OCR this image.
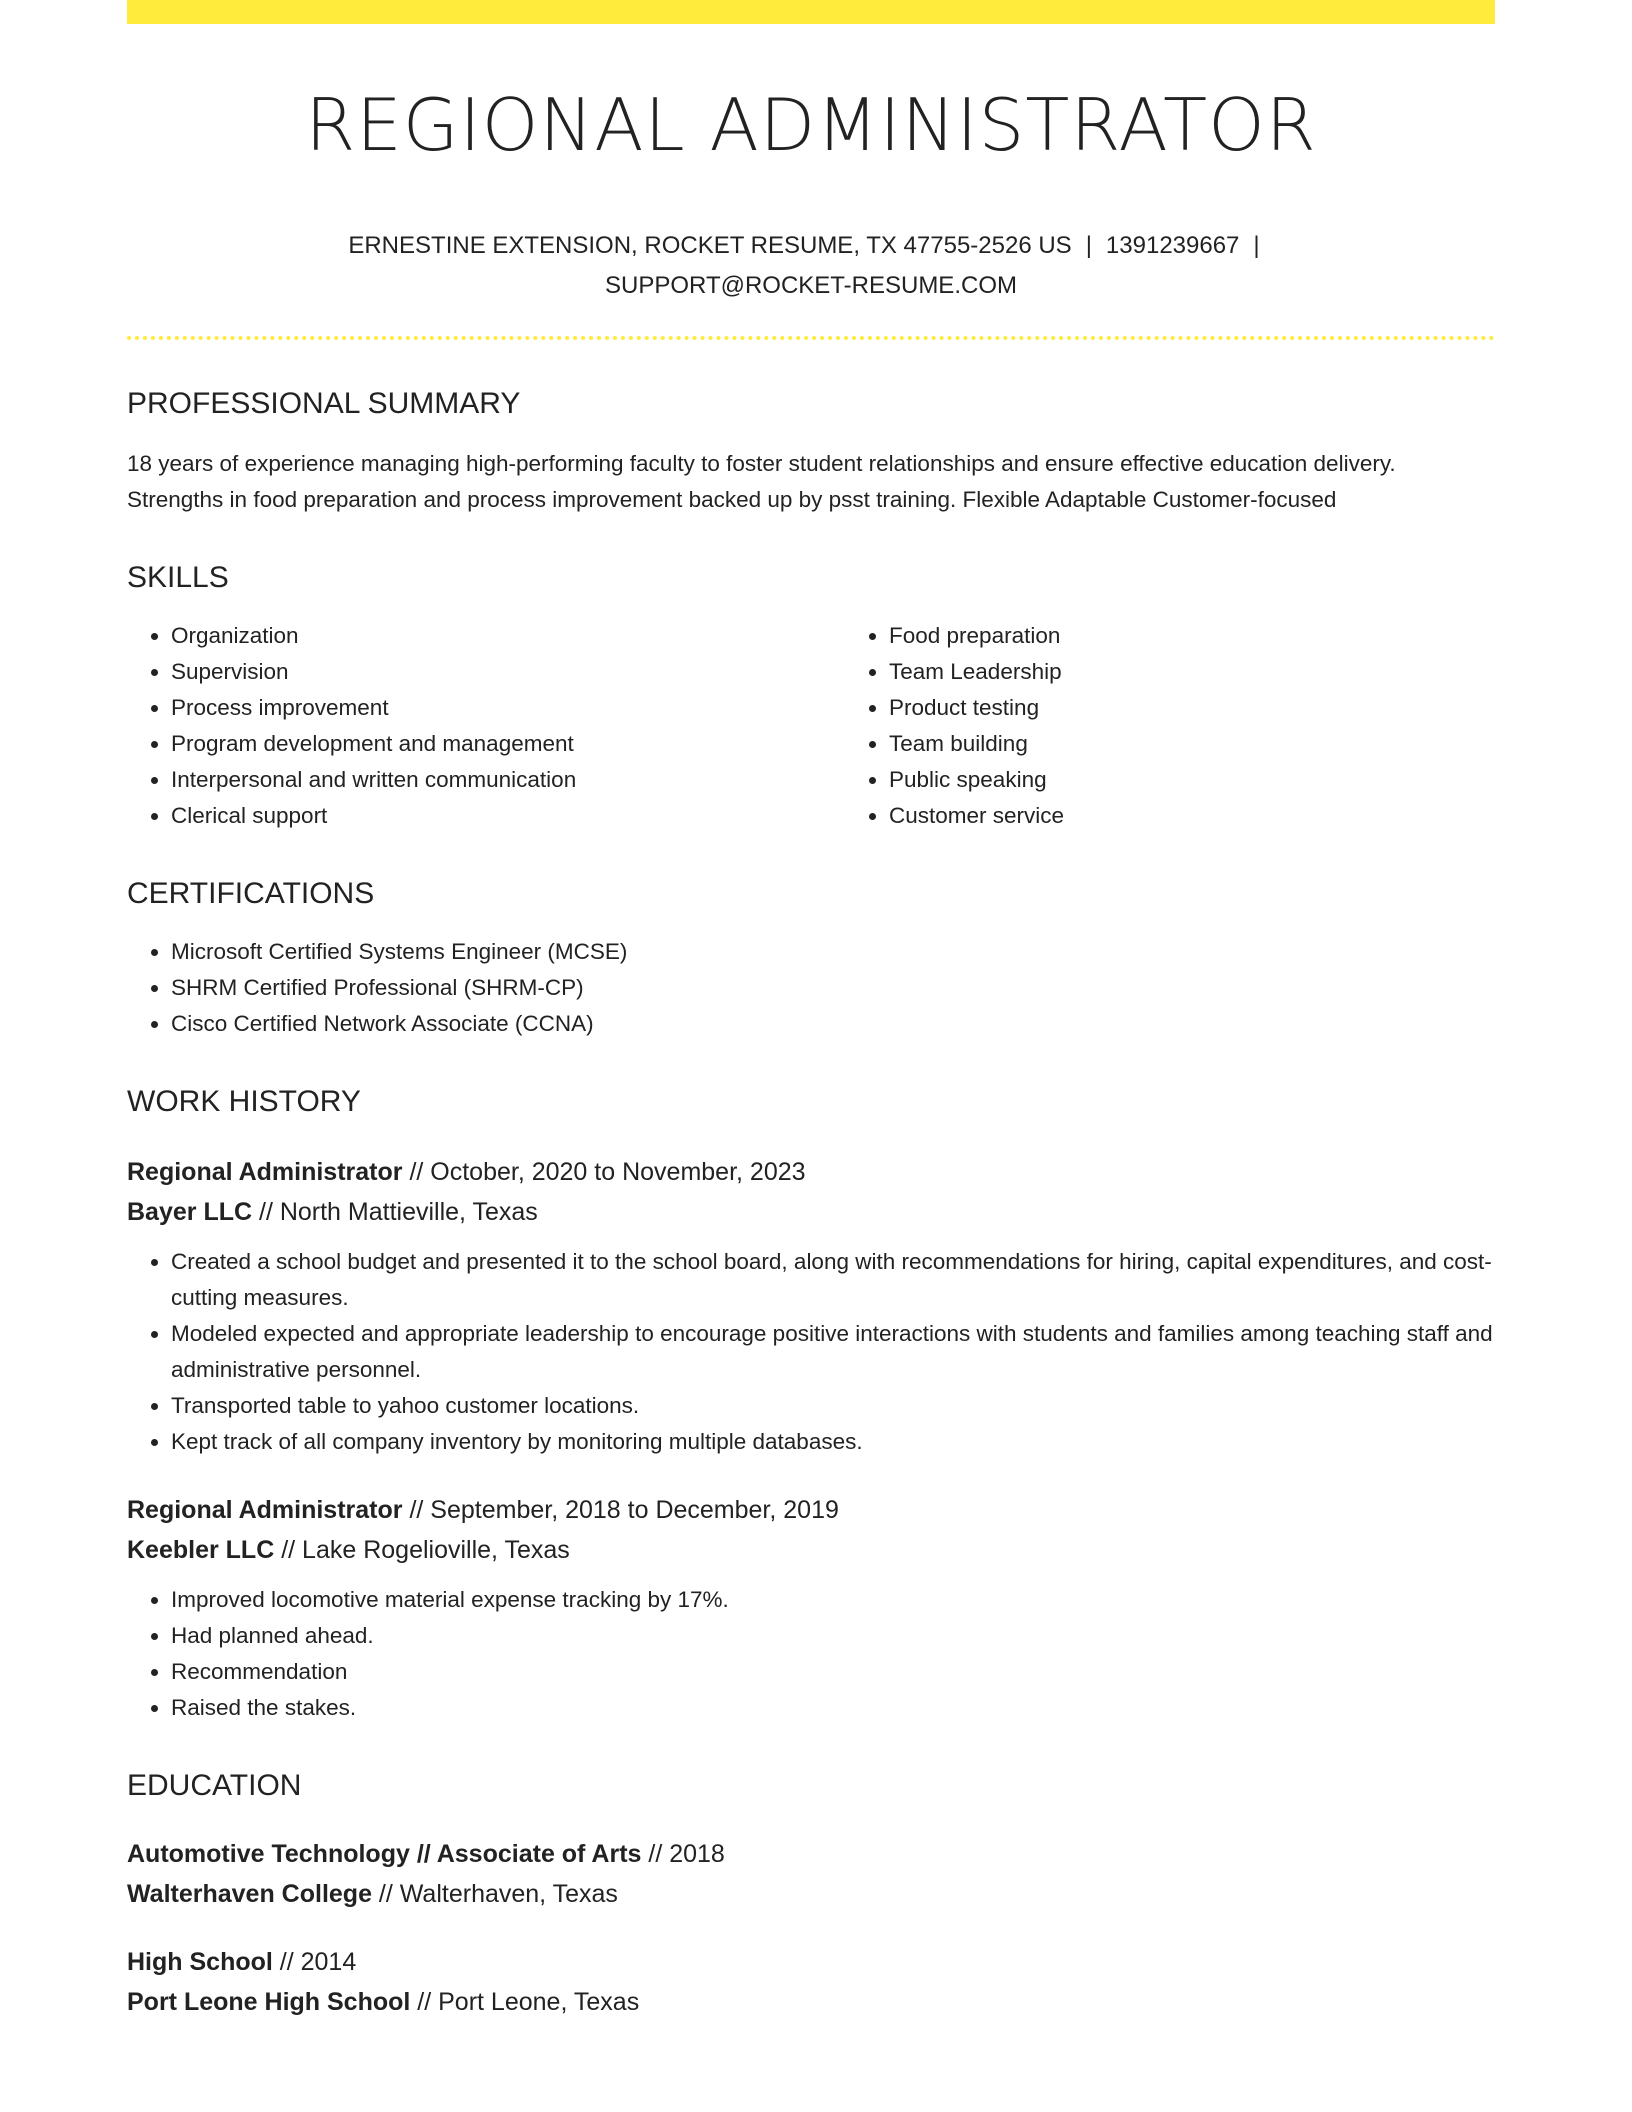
REGIONAL ADMINISTRATOR
ERNESTINE EXTENSION, ROCKET RESUME, TX 47755-2526 US | 1391239667 |
SUPPORT@ROCKET-RESUME.COM
PROFESSIONAL SUMMARY
18 years of experience managing high-performing faculty to foster student relationships and ensure effective education delivery. Strengths in food preparation and process improvement backed up by psst training. Flexible Adaptable Customer-focused
SKILLS
• Organization
• Supervision
• Process improvement
• Program development and management
• Interpersonal and written communication
• Clerical support
• Food preparation
• Team Leadership
• Product testing
• Team building
• Public speaking
• Customer service
CERTIFICATIONS
• Microsoft Certified Systems Engineer (MCSE)
• SHRM Certified Professional (SHRM-CP)
• Cisco Certified Network Associate (CCNA)
WORK HISTORY
Regional Administrator // October, 2020 to November, 2023
Bayer LLC // North Mattieville, Texas
• Created a school budget and presented it to the school board, along with recommendations for hiring, capital expenditures, and cost-cutting measures.
• Modeled expected and appropriate leadership to encourage positive interactions with students and families among teaching staff and administrative personnel.
• Transported table to yahoo customer locations.
• Kept track of all company inventory by monitoring multiple databases.
Regional Administrator // September, 2018 to December, 2019
Keebler LLC // Lake Rogelioville, Texas
• Improved locomotive material expense tracking by 17%.
• Had planned ahead.
• Recommendation
• Raised the stakes.
EDUCATION
Automotive Technology // Associate of Arts // 2018
Walterhaven College // Walterhaven, Texas
High School // 2014
Port Leone High School // Port Leone, Texas
